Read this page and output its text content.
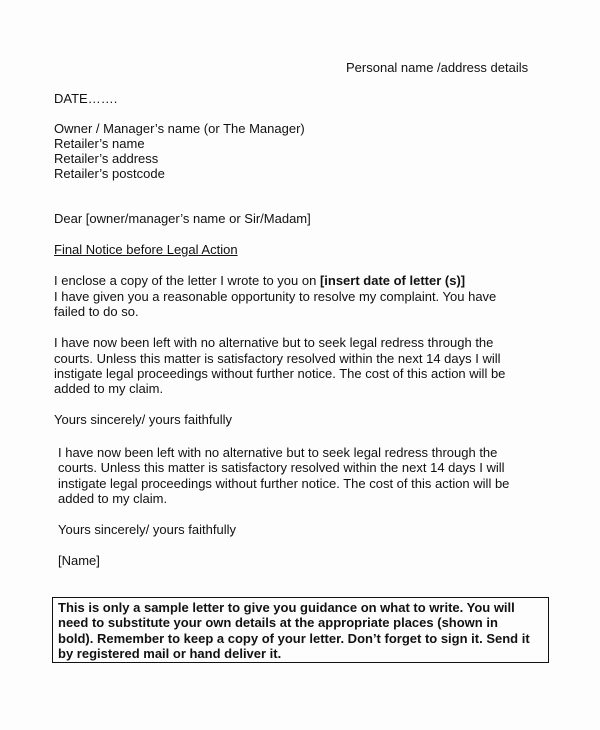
Personal name /address details

DATE…….

Owner / Manager’s name (or The Manager)

Retailer’s name

Retailer’s address

Retailer’s postcode

Dear [owner/manager’s name or Sir/Madam]

Final Notice before Legal Action

I enclose a copy of the letter I wrote to you on [insert date of letter (s)]

I have given you a reasonable opportunity to resolve my complaint. You have

failed to do so.

I have now been left with no alternative but to seek legal redress through the

courts. Unless this matter is satisfactory resolved within the next 14 days I will

instigate legal proceedings without further notice. The cost of this action will be

added to my claim.

Yours sincerely/ yours faithfully

I have now been left with no alternative but to seek legal redress through the

courts. Unless this matter is satisfactory resolved within the next 14 days I will

instigate legal proceedings without further notice. The cost of this action will be

added to my claim.

Yours sincerely/ yours faithfully

[Name]

This is only a sample letter to give you guidance on what to write. You will

need to substitute your own details at the appropriate places (shown in

bold). Remember to keep a copy of your letter. Don’t forget to sign it. Send it

by registered mail or hand deliver it.
